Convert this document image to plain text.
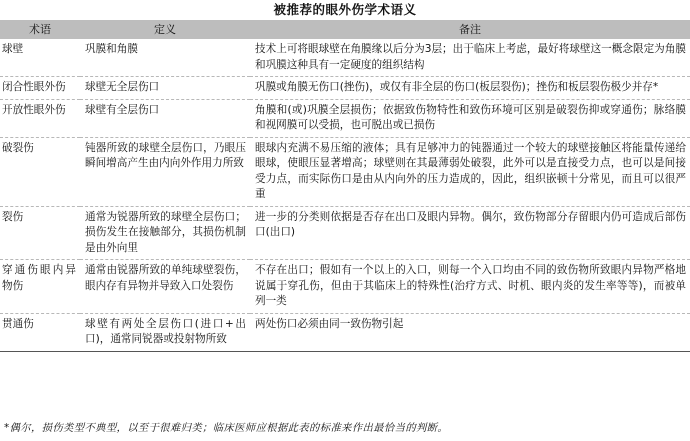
被推荐的眼外伤学术语义
术语	定义	备注
球壁	巩膜和角膜	技术上可将眼球壁在角膜缘以后分为3层；出于临床上考虑，最好将球壁这一概念限定为角膜和巩膜这种具有一定硬度的组织结构
闭合性眼外伤	球壁无全层伤口	巩膜或角膜无伤口(挫伤)，或仅有非全层的伤口(板层裂伤)；挫伤和板层裂伤极少并存*
开放性眼外伤	球壁有全层伤口	角膜和(或)巩膜全层损伤；依据致伤物特性和致伤环境可区别是破裂伤抑或穿通伤；脉络膜和视网膜可以受损，也可脱出或已损伤
破裂伤	钝器所致的球壁全层伤口，乃眼压瞬间增高产生由内向外作用力所致	眼球内充满不易压缩的液体；具有足够冲力的钝器通过一个较大的球壁接触区将能量传递给眼球，使眼压显著增高；球壁则在其最薄弱处破裂，此外可以是直接受力点，也可以是间接受力点，而实际伤口是由从内向外的压力造成的，因此，组织嵌顿十分常见，而且可以很严重
裂伤	通常为锐器所致的球壁全层伤口；损伤发生在接触部分，其损伤机制是由外向里	进一步的分类则依据是否存在出口及眼内异物。偶尔，致伤物部分存留眼内仍可造成后部伤口(出口)
穿通伤眼内异物伤	通常由锐器所致的单纯球壁裂伤，眼内存有异物并导致入口处裂伤	不存在出口；假如有一个以上的入口，则每一个入口均由不同的致伤物所致眼内异物严格地说属于穿孔伤，但由于其临床上的特殊性(治疗方式、时机、眼内炎的发生率等等)，而被单列一类
贯通伤	球壁有两处全层伤口(进口+出口)，通常同锐器或投射物所致	两处伤口必须由同一致伤物引起
*偶尔，损伤类型不典型，以至于很难归类；临床医师应根据此表的标准来作出最恰当的判断。
